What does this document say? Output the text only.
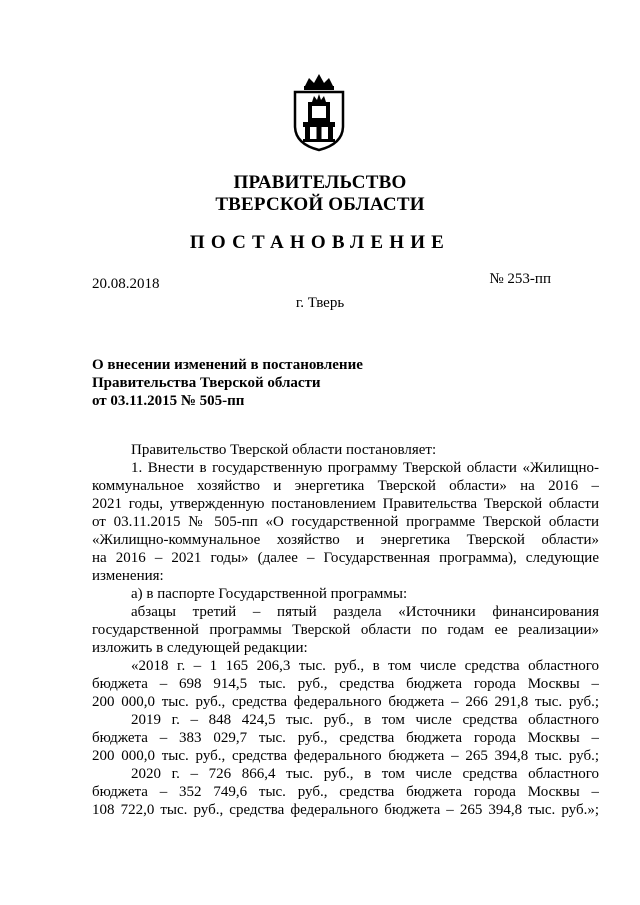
ПРАВИТЕЛЬСТВО
ТВЕРСКОЙ ОБЛАСТИ
ПОСТАНОВЛЕНИЕ
20.08.2018	№ 253-пп
г. Тверь
О внесении изменений в постановление
Правительства Тверской области
от 03.11.2015 № 505-пп
Правительство Тверской области постановляет:
1. Внести в государственную программу Тверской области «Жилищно-
коммунальное хозяйство и энергетика Тверской области» на 2016 –
2021 годы, утвержденную постановлением Правительства Тверской области
от 03.11.2015 № 505-пп «О государственной программе Тверской области
«Жилищно-коммунальное хозяйство и энергетика Тверской области»
на 2016 – 2021 годы» (далее – Государственная программа), следующие
изменения:
а) в паспорте Государственной программы:
абзацы третий – пятый раздела «Источники финансирования
государственной программы Тверской области по годам ее реализации»
изложить в следующей редакции:
«2018 г. – 1 165 206,3 тыс. руб., в том числе средства областного
бюджета – 698 914,5 тыс. руб., средства бюджета города Москвы –
200 000,0 тыс. руб., средства федерального бюджета – 266 291,8 тыс. руб.;
2019 г. – 848 424,5 тыс. руб., в том числе средства областного
бюджета – 383 029,7 тыс. руб., средства бюджета города Москвы –
200 000,0 тыс. руб., средства федерального бюджета – 265 394,8 тыс. руб.;
2020 г. – 726 866,4 тыс. руб., в том числе средства областного
бюджета – 352 749,6 тыс. руб., средства бюджета города Москвы –
108 722,0 тыс. руб., средства федерального бюджета – 265 394,8 тыс. руб.»;
